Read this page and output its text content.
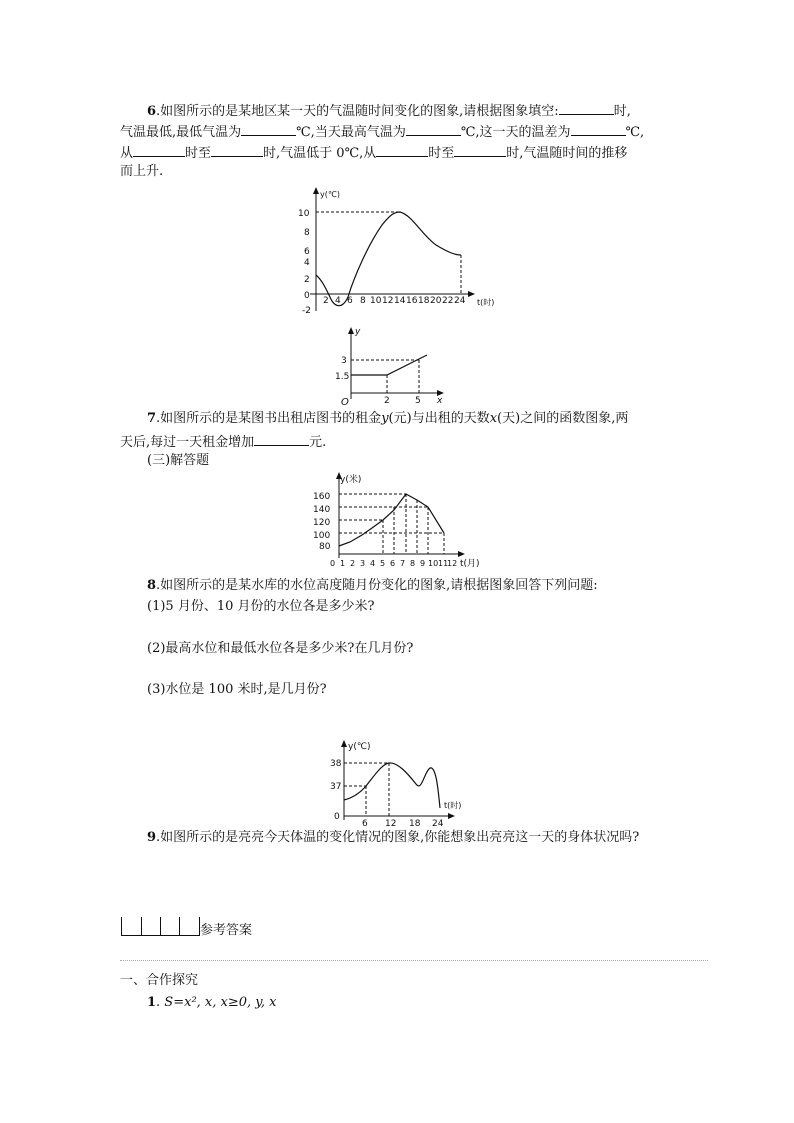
6.如图所示的是某地区某一天的气温随时间变化的图象,请根据图象填空:	时,
气温最低,最低气温为	℃,当天最高气温为	℃,这一天的温差为	℃,
从	时至	时,气温低于 0℃,从	时至	时,气温随时间的推移
而上升.
y(℃)
t(时)
10
8
6
4
2
0
-2
2 4 6 8 10 12 14 16 18 20 22 24
y
x
O
3
1.5
2	5
7.如图所示的是某图书出租店图书的租金y(元)与出租的天数x(天)之间的函数图象,两
天后,每过一天租金增加	元.
(三)解答题
y(米)
t(月)
160
140
120
100
80
0 1 2 3 4 5 6 7 8 9 10 11
12
8.如图所示的是某水库的水位高度随月份变化的图象,请根据图象回答下列问题:
(1)5 月份、10 月份的水位各是多少米?
(2)最高水位和最低水位各是多少米?在几月份?
(3)水位是 100 米时,是几月份?
y(℃)
t(时)
38
37
0
6 12 18 24
9.如图所示的是亮亮今天体温的变化情况的图象,你能想象出亮亮这一天的身体状况吗?
参考答案
一、合作探究
1. S=x², x, x≥0, y, x
